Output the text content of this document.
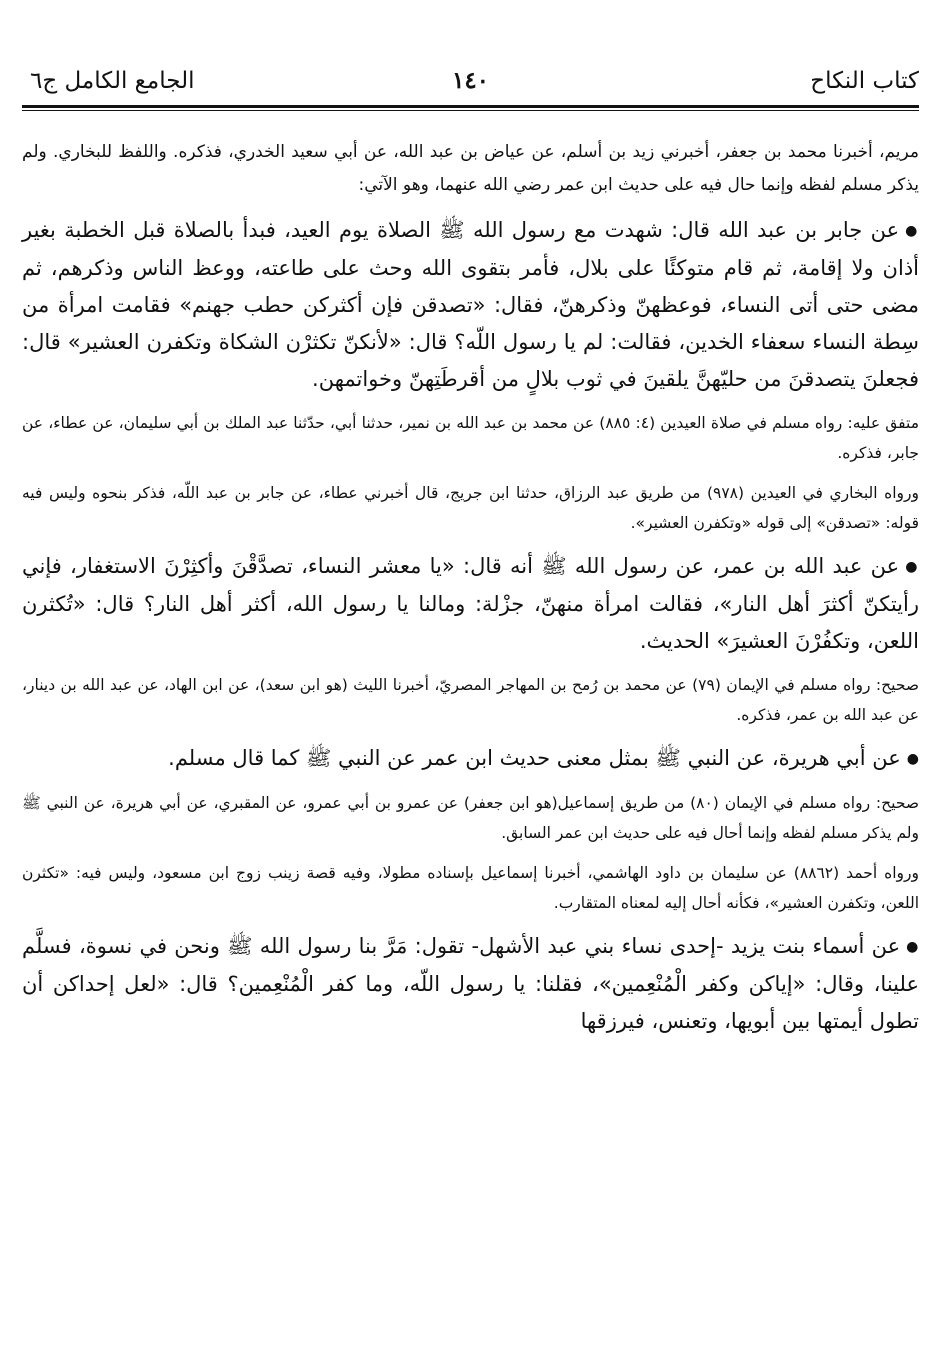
كتاب النكاح
١٤٠
الجامع الكامل ج٦

مريم، أخبرنا محمد بن جعفر، أخبرني زيد بن أسلم، عن عياض بن عبد الله، عن أبي سعيد الخدري، فذكره. واللفظ للبخاري. ولم يذكر مسلم لفظه وإنما حال فيه على حديث ابن عمر رضي الله عنهما، وهو الآتي:

●عن جابر بن عبد الله قال: شهدت مع رسول الله ﷺ الصلاة يوم العيد، فبدأ بالصلاة قبل الخطبة بغير أذان ولا إقامة، ثم قام متوكئًا على بلال، فأمر بتقوى الله وحث على طاعته، ووعظ الناس وذكرهم، ثم مضى حتى أتى النساء، فوعظهنّ وذكرهنّ، فقال: «تصدقن فإن أكثركن حطب جهنم» فقامت امرأة من سِطة النساء سعفاء الخدين، فقالت: لم يا رسول اللّه؟ قال: «لأنكنّ تكثرْن الشكاة وتكفرن العشير» قال: فجعلنَ يتصدقنَ من حليّهنَّ يلقينَ في ثوب بلالٍ من أقرطَتِهنّ وخواتمهن.

متفق عليه: رواه مسلم في صلاة العيدين (٤: ٨٨٥) عن محمد بن عبد الله بن نمير، حدثنا أبي، حدّثنا عبد الملك بن أبي سليمان، عن عطاء، عن جابر، فذكره.

ورواه البخاري في العيدين (٩٧٨) من طريق عبد الرزاق، حدثنا ابن جريج، قال أخبرني عطاء، عن جابر بن عبد اللّه، فذكر بنحوه وليس فيه قوله: «تصدقن» إلى قوله «وتكفرن العشير».

●عن عبد الله بن عمر، عن رسول الله ﷺ أنه قال: «يا معشر النساء، تصدَّقْنَ وأكثِرْنَ الاستغفار، فإني رأيتكنّ أكثرَ أهل النار»، فقالت امرأة منهنّ، جزْلة: ومالنا يا رسول الله، أكثر أهل النار؟ قال: «تُكثرن اللعن، وتكفُرْنَ العشيرَ» الحديث.

صحيح: رواه مسلم في الإيمان (٧٩) عن محمد بن رُمح بن المهاجر المصريّ، أخبرنا الليث (هو ابن سعد)، عن ابن الهاد، عن عبد الله بن دينار، عن عبد الله بن عمر، فذكره.

●عن أبي هريرة، عن النبي ﷺ بمثل معنى حديث ابن عمر عن النبي ﷺ كما قال مسلم.

صحيح: رواه مسلم في الإيمان (٨٠) من طريق إسماعيل(هو ابن جعفر) عن عمرو بن أبي عمرو، عن المقبري، عن أبي هريرة، عن النبي ﷺ ولم يذكر مسلم لفظه وإنما أحال فيه على حديث ابن عمر السابق.

ورواه أحمد (٨٨٦٢) عن سليمان بن داود الهاشمي، أخبرنا إسماعيل بإسناده مطولا، وفيه قصة زينب زوج ابن مسعود، وليس فيه: «تكثرن اللعن، وتكفرن العشير»، فكأنه أحال إليه لمعناه المتقارب.

●عن أسماء بنت يزيد -إحدى نساء بني عبد الأشهل- تقول: مَرَّ بنا رسول الله ﷺ ونحن في نسوة، فسلَّم علينا، وقال: «إياكن وكفر الْمُنْعِمين»، فقلنا: يا رسول اللّه، وما كفر الْمُنْعِمين؟ قال: «لعل إحداكن أن تطول أيمتها بين أبويها، وتعنس، فيرزقها
